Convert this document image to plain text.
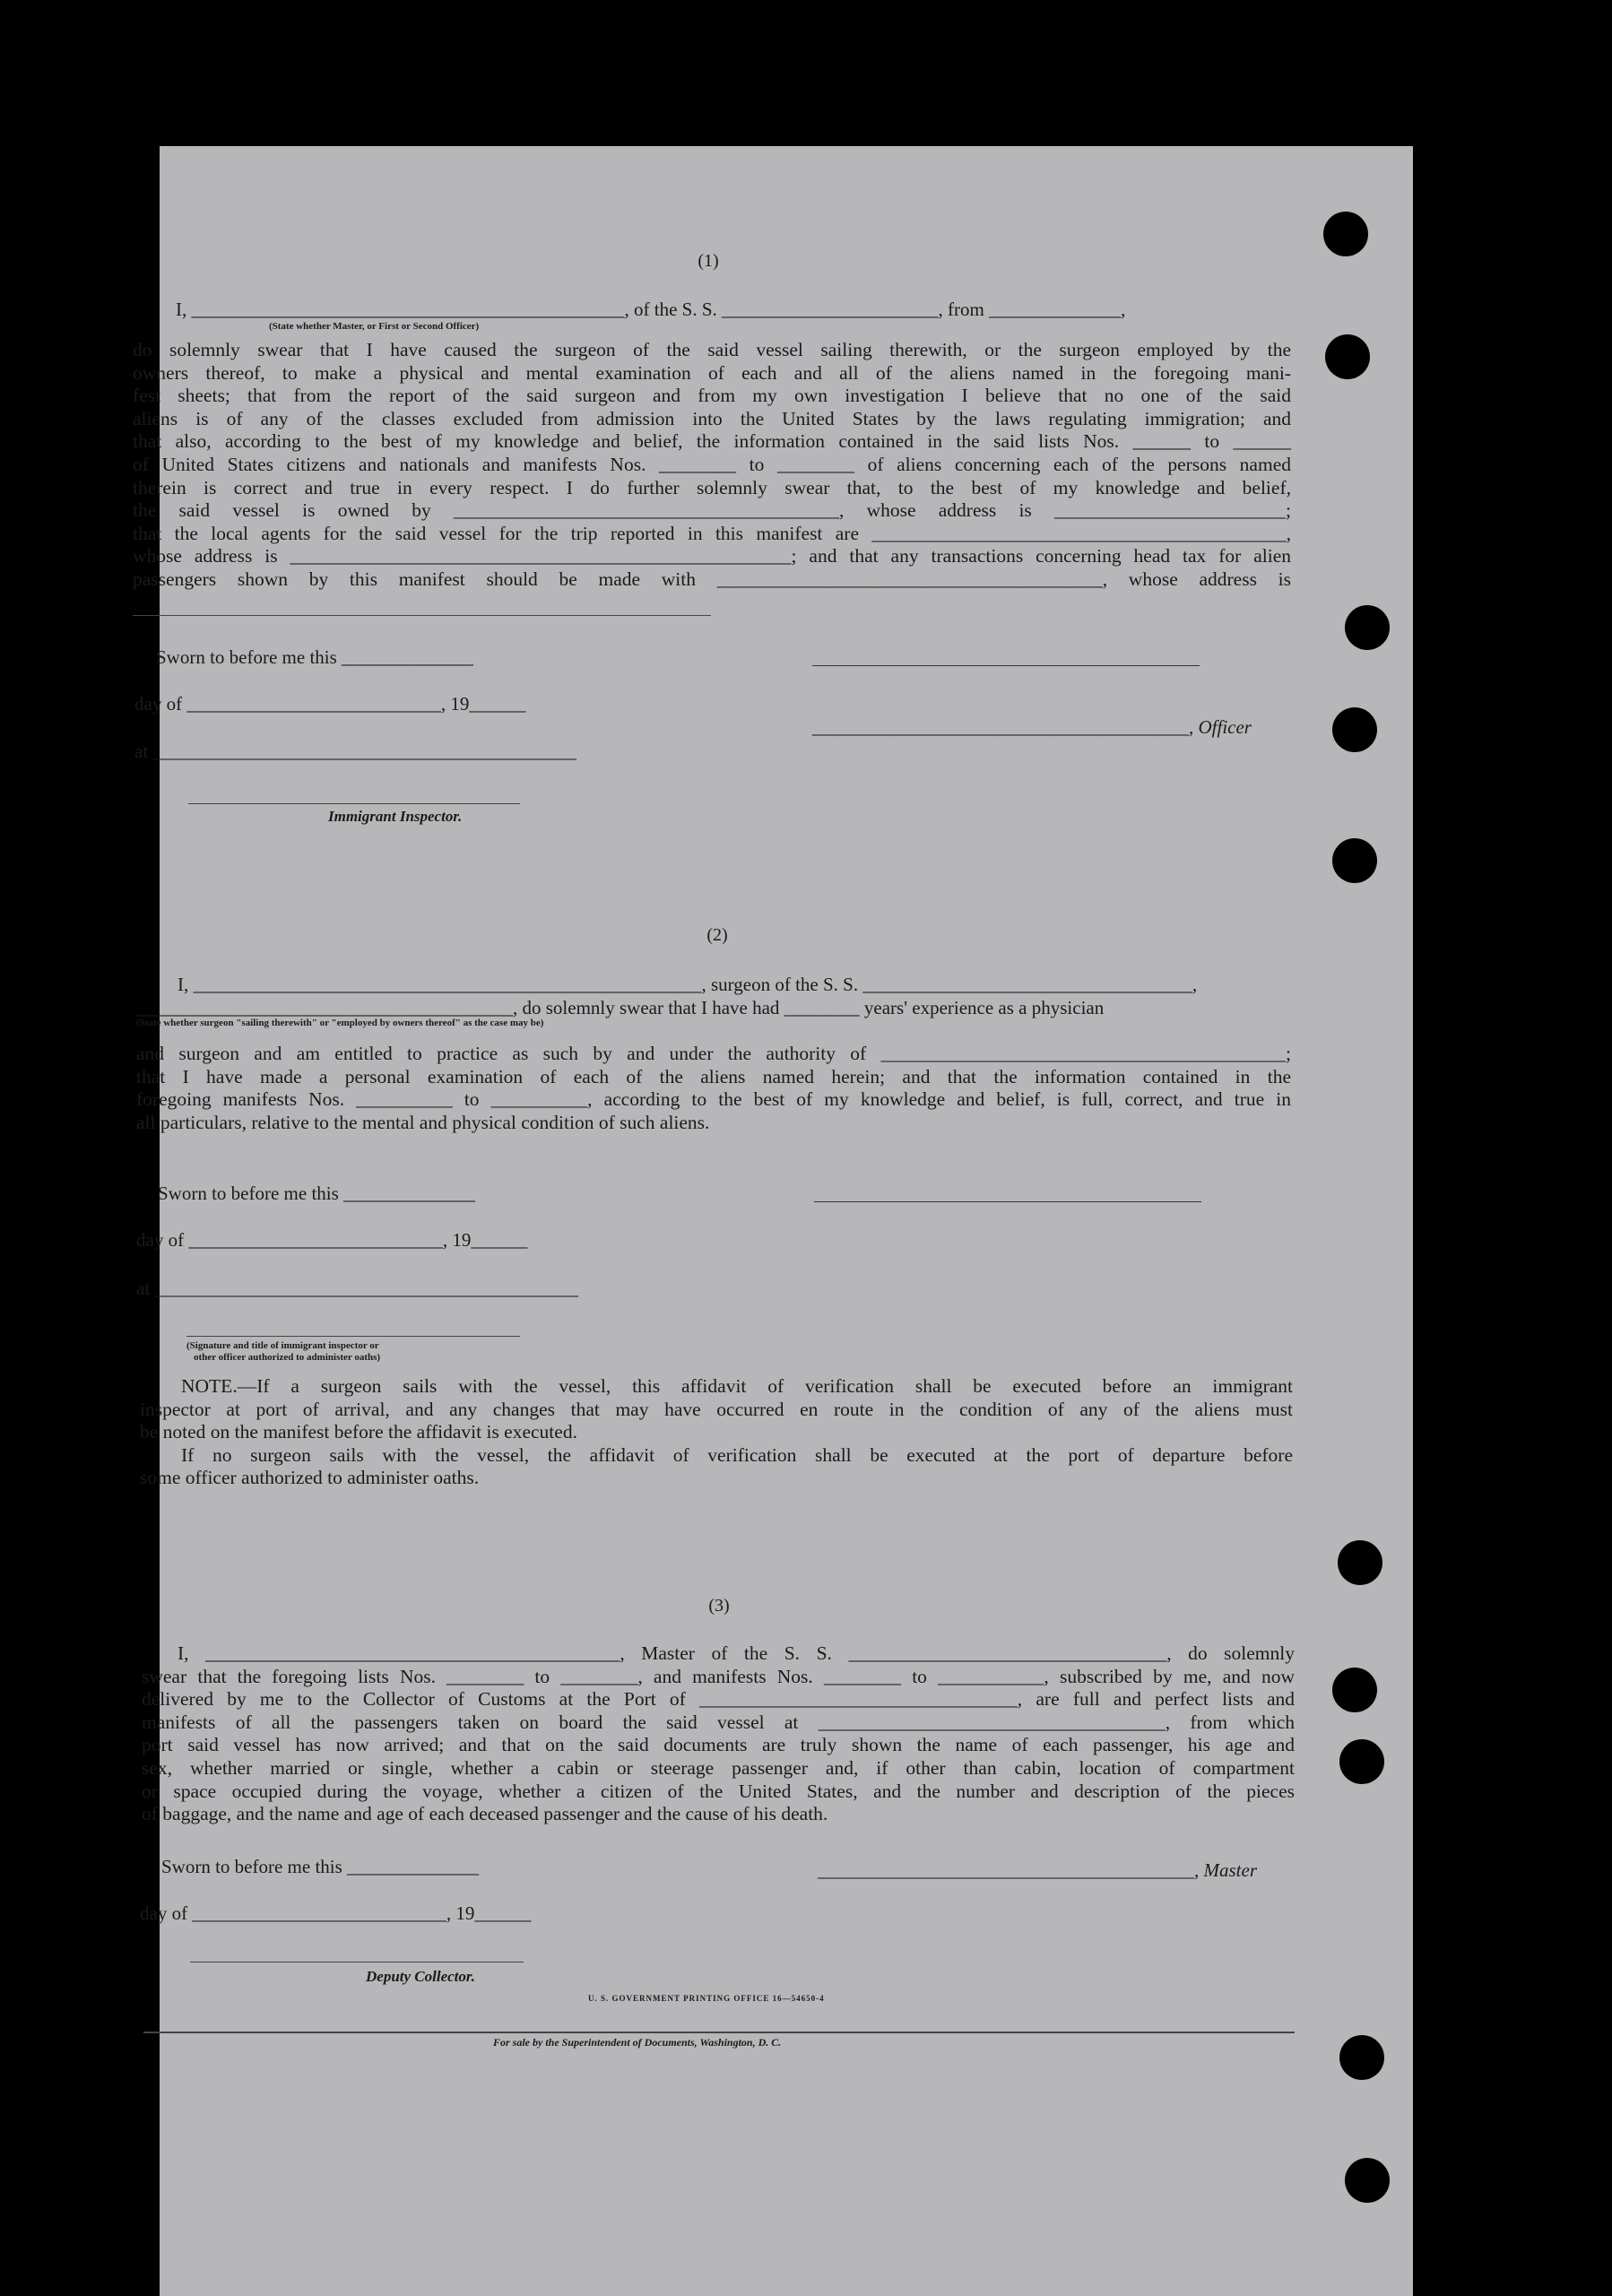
(1)
I, ______________________________________________, of the S. S. _______________________, from ______________,
(State whether Master, or First or Second Officer)
do solemnly swear that I have caused the surgeon of the said vessel sailing therewith, or the surgeon employed by the
owners thereof, to make a physical and mental examination of each and all of the aliens named in the foregoing mani-
fest sheets; that from the report of the said surgeon and from my own investigation I believe that no one of the said
aliens is of any of the classes excluded from admission into the United States by the laws regulating immigration; and
that also, according to the best of my knowledge and belief, the information contained in the said lists Nos. ______ to ______
of United States citizens and nationals and manifests Nos. ________ to ________ of aliens concerning each of the persons named
therein is correct and true in every respect. I do further solemnly swear that, to the best of my knowledge and belief,
the said vessel is owned by ________________________________________, whose address is ________________________;
that the local agents for the said vessel for the trip reported in this manifest are ___________________________________________,
whose address is ____________________________________________________; and that any transactions concerning head tax for alien
passengers shown by this manifest should be made with ________________________________________, whose address is
Sworn to before me this ______________
day of ___________________________, 19______
at _____________________________________________
Immigrant Inspector.
________________________________________, Officer
(2)
I, ______________________________________________________, surgeon of the S. S. ___________________________________,
________________________________________, do solemnly swear that I have had ________ years' experience as a physician
(State whether surgeon "sailing therewith" or "employed by owners thereof" as the case may be)
and surgeon and am entitled to practice as such by and under the authority of __________________________________________;
that I have made a personal examination of each of the aliens named herein; and that the information contained in the
foregoing manifests Nos. __________ to __________, according to the best of my knowledge and belief, is full, correct, and true in
all particulars, relative to the mental and physical condition of such aliens.
Sworn to before me this ______________
day of ___________________________, 19______
at _____________________________________________
(Signature and title of immigrant inspector or
other officer authorized to administer oaths)
NOTE.—If a surgeon sails with the vessel, this affidavit of verification shall be executed before an immigrant
inspector at port of arrival, and any changes that may have occurred en route in the condition of any of the aliens must
be noted on the manifest before the affidavit is executed.
If no surgeon sails with the vessel, the affidavit of verification shall be executed at the port of departure before
some officer authorized to administer oaths.
(3)
I, ___________________________________________, Master of the S. S. _________________________________, do solemnly
swear that the foregoing lists Nos. ________ to ________, and manifests Nos. ________ to ___________, subscribed by me, and now
delivered by me to the Collector of Customs at the Port of _________________________________, are full and perfect lists and
manifests of all the passengers taken on board the said vessel at ____________________________________, from which
port said vessel has now arrived; and that on the said documents are truly shown the name of each passenger, his age and
sex, whether married or single, whether a cabin or steerage passenger and, if other than cabin, location of compartment
or space occupied during the voyage, whether a citizen of the United States, and the number and description of the pieces
of baggage, and the name and age of each deceased passenger and the cause of his death.
Sworn to before me this ______________
day of ___________________________, 19______
________________________________________, Master
Deputy Collector.
U. S. GOVERNMENT PRINTING OFFICE 16—54650-4
For sale by the Superintendent of Documents, Washington, D. C.
